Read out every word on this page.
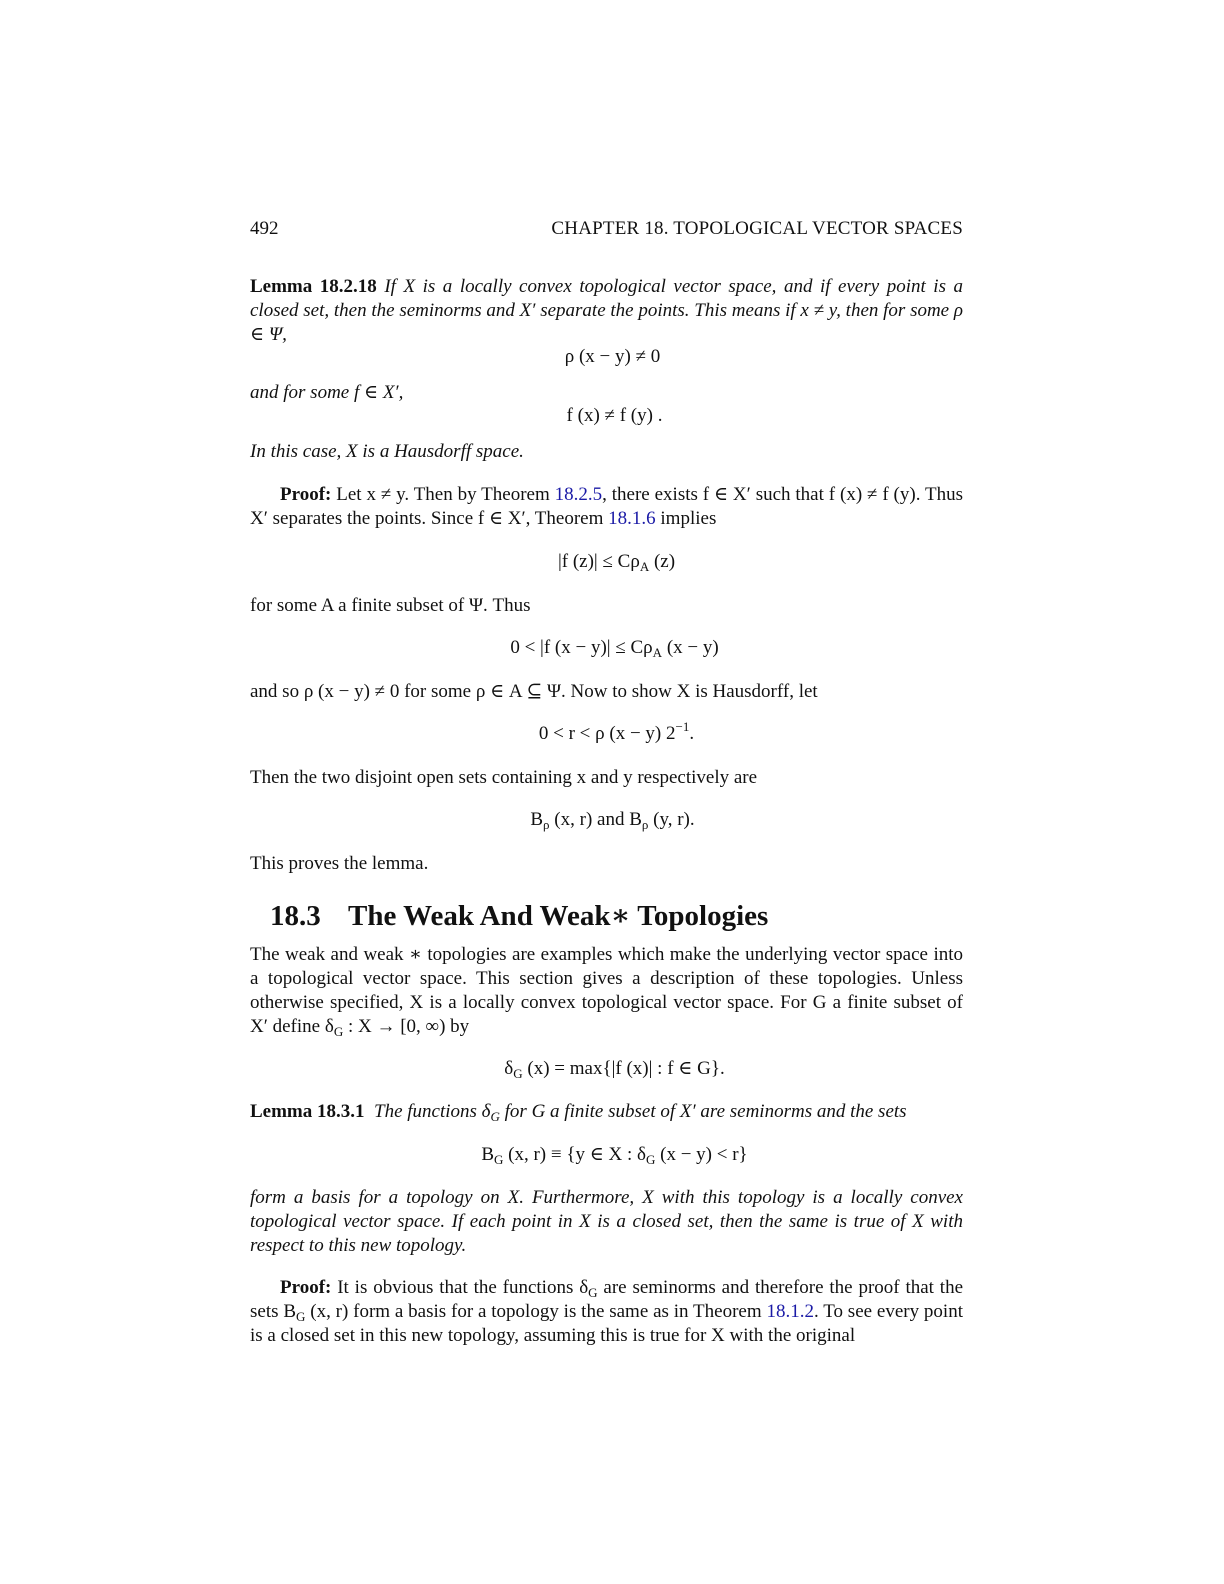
492	CHAPTER 18. TOPOLOGICAL VECTOR SPACES
Lemma 18.2.18 If X is a locally convex topological vector space, and if every point is a closed set, then the seminorms and X′ separate the points. This means if x ≠ y, then for some ρ ∈ Ψ,
ρ (x − y) ≠ 0
and for some f ∈ X′,
f (x) ≠ f (y) .
In this case, X is a Hausdorff space.
Proof: Let x ≠ y. Then by Theorem 18.2.5, there exists f ∈ X′ such that f (x) ≠ f (y). Thus X′ separates the points. Since f ∈ X′, Theorem 18.1.6 implies
|f $(z)| \le C\rho_A$ (z)
for some A a finite subset of Ψ. Thus
0 < |f $(x - y)| \le C\rho_A$ (x − y)
and so ρ (x − y) ≠ 0 for some ρ ∈ A ⊆ Ψ. Now to show X is Hausdorff, let
0 < r < ρ (x − y) $2^{-1}$.
Then the two disjoint open sets containing x and y respectively are
$B_\rho$ (x, r) and $B_\rho$ (y, r).
This proves the lemma.
18.3 The Weak And Weak∗ Topologies
The weak and weak ∗ topologies are examples which make the underlying vector space into a topological vector space. This section gives a description of these topologies. Unless otherwise specified, X is a locally convex topological vector space. For G a finite subset of X′ define $\delta_G$ : X → [0, ∞) by
$\delta_G$ (x) = max{|f (x)| : f ∈ G}.
Lemma 18.3.1 The functions $\delta_G$ for G a finite subset of X′ are seminorms and the sets
$B_G$ (x, r) ≡ {y ∈ X : $\delta_G$ (x − y) < r}
form a basis for a topology on X. Furthermore, X with this topology is a locally convex topological vector space. If each point in X is a closed set, then the same is true of X with respect to this new topology.
Proof: It is obvious that the functions $\delta_G$ are seminorms and therefore the proof that the sets $B_G$ (x, r) form a basis for a topology is the same as in Theorem 18.1.2. To see every point is a closed set in this new topology, assuming this is true for X with the original
